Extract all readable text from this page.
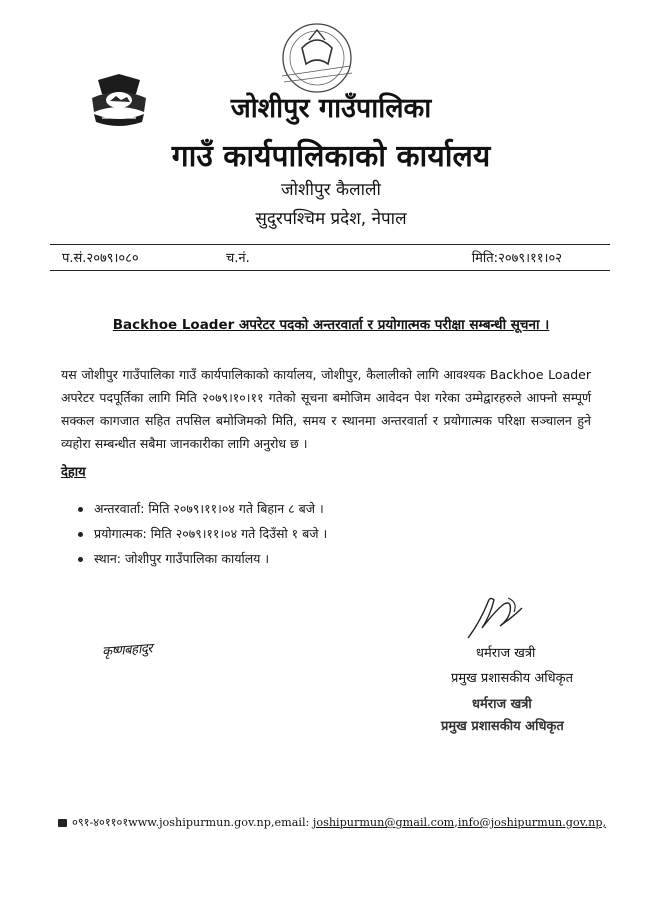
जोशीपुर गाउँपालिका
गाउँ कार्यपालिकाको कार्यालय
जोशीपुर कैलाली
सुदुरपश्चिम प्रदेश, नेपाल
प.सं.२०७९।०८०	च.नं.	मिति:२०७९।११।०२
Backhoe Loader अपरेटर पदको अन्तरवार्ता र प्रयोगात्मक परीक्षा सम्बन्धी सूचना ।
यस जोशीपुर गाउँपालिका गाउँ कार्यपालिकाको कार्यालय, जोशीपुर, कैलालीको लागि आवश्यक Backhoe Loader अपरेटर पदपूर्तिका लागि मिति २०७९।१०।११ गतेको सूचना बमोजिम आवेदन पेश गरेका उम्मेद्वारहरुले आफ्नो सम्पूर्ण सक्कल कागजात सहित तपसिल बमोजिमको मिति, समय र स्थानमा अन्तरवार्ता र प्रयोगात्मक परिक्षा सञ्चालन हुने व्यहोरा सम्बन्धीत सबैमा जानकारीका लागि अनुरोध छ ।
देहाय
अन्तरवार्ता: मिति २०७९।११।०४ गते बिहान ८ बजे ।
प्रयोगात्मक: मिति २०७९।११।०४ गते दिउँसो १ बजे ।
स्थान: जोशीपुर गाउँपालिका कार्यालय ।
कृष्णबहादुर	धर्मराज खत्री
प्रमुख प्रशासकीय अधिकृत
धर्मराज खत्री
प्रमुख प्रशासकीय अधिकृत
०९१-४०११०१www.joshipurmun.gov.np,email: joshipurmun@gmail.com,info@joshipurmun.gov.np,
